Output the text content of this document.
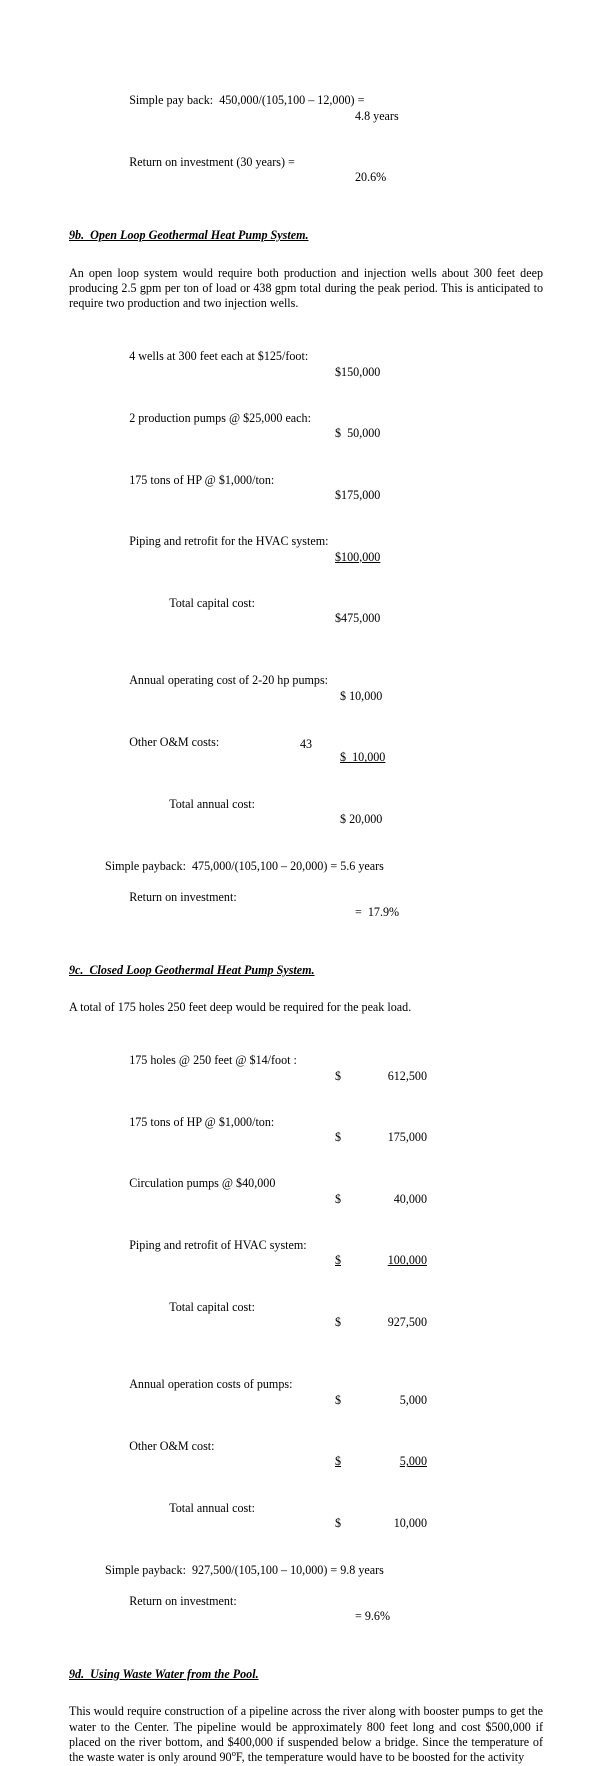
Simple pay back:  450,000/(105,100 – 12,000) =

4.8 years

Return on investment (30 years) =

20.6%

9b.  Open Loop Geothermal Heat Pump System.

An open loop system would require both production and injection wells about 300 feet deep producing 2.5 gpm per ton of load or 438 gpm total during the peak period. This is anticipated to require two production and two injection wells.

4 wells at 300 feet each at $125/foot:

$150,000

2 production pumps @ $25,000 each:

$  50,000

175 tons of HP @ $1,000/ton:

$175,000

Piping and retrofit for the HVAC system:

$100,000

Total capital cost:

$475,000

Annual operating cost of 2-20 hp pumps:

$ 10,000

Other O&M costs:

$  10,000

Total annual cost:

$ 20,000

Simple payback:  475,000/(105,100 – 20,000) = 5.6 years

Return on investment:

=  17.9%

9c.  Closed Loop Geothermal Heat Pump System.

A total of 175 holes 250 feet deep would be required for the peak load.

175 holes @ 250 feet @ $14/foot :

$	612,500

175 tons of HP @ $1,000/ton:

$	175,000

Circulation pumps @ $40,000

$	40,000

Piping and retrofit of HVAC system:

$	100,000

Total capital cost:

$	927,500

Annual operation costs of pumps:

$	5,000

Other O&M cost:

$	5,000

Total annual cost:

$	10,000

Simple payback:  927,500/(105,100 – 10,000) = 9.8 years

Return on investment:

= 9.6%

9d.  Using Waste Water from the Pool.

This would require construction of a pipeline across the river along with booster pumps to get the water to the Center. The pipeline would be approximately 800 feet long and cost $500,000 if placed on the river bottom, and $400,000 if suspended below a bridge. Since the temperature of the waste water is only around 90$^o$F, the temperature would have to be boosted for the activity

43
